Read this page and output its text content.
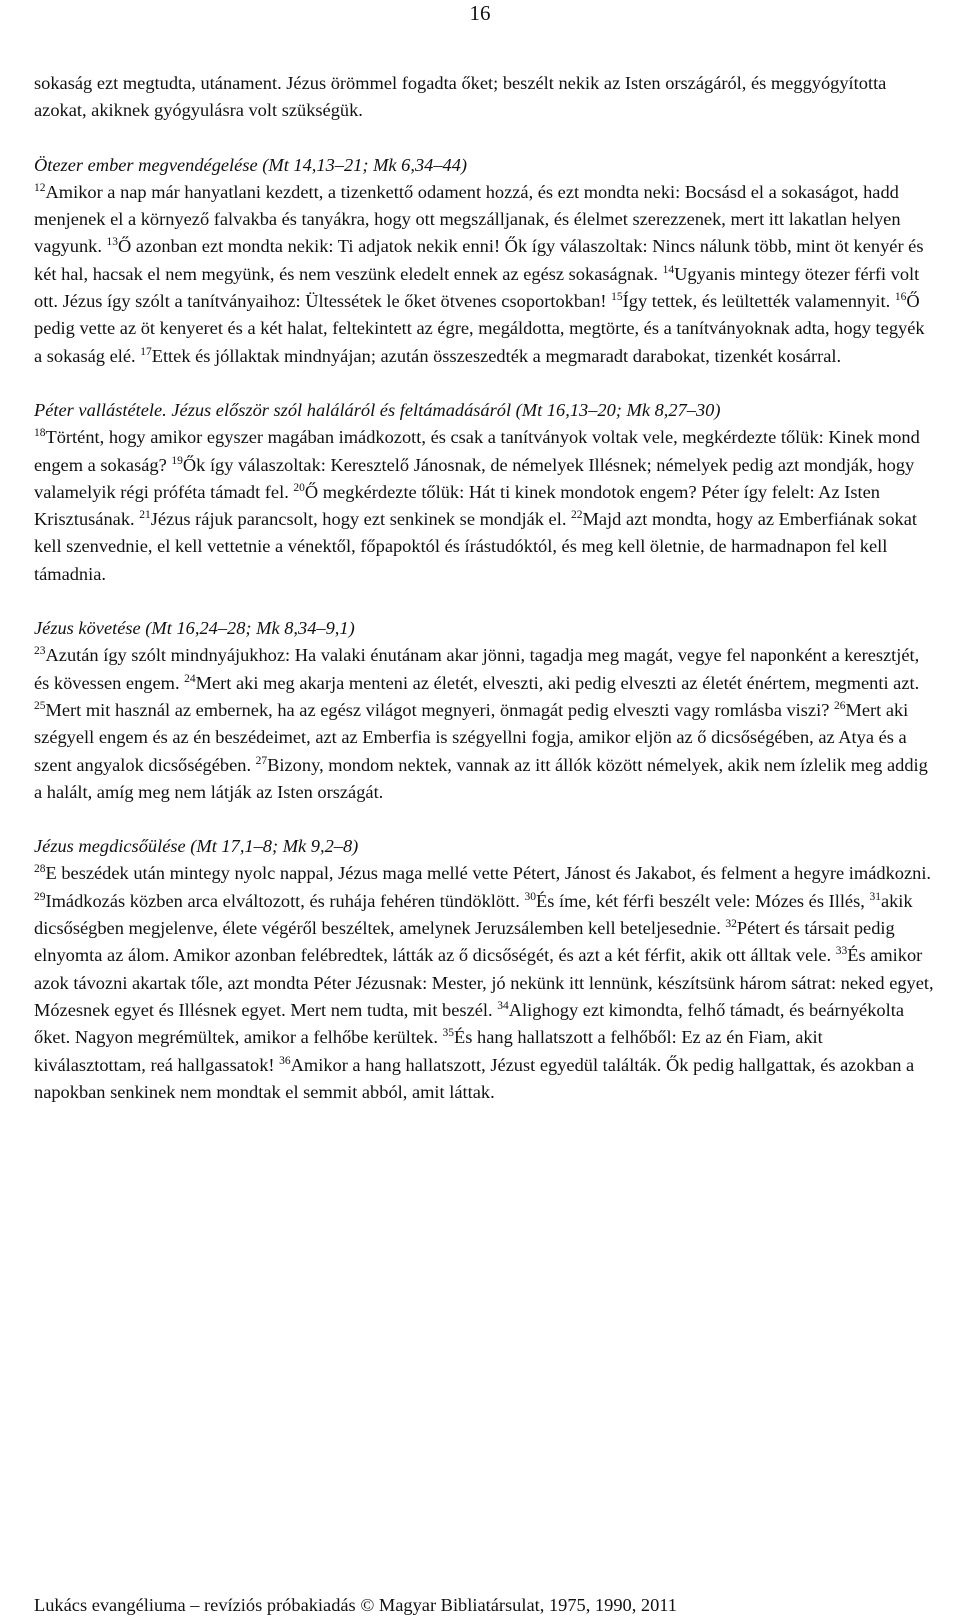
16

sokaság ezt megtudta, utánament. Jézus örömmel fogadta őket; beszélt nekik az Isten országáról, és meggyógyította azokat, akiknek gyógyulásra volt szükségük.

Ötezer ember megvendégelése (Mt 14,13–21; Mk 6,34–44)

$^{12}$Amikor a nap már hanyatlani kezdett, a tizenkettő odament hozzá, és ezt mondta neki: Bocsásd el a sokaságot, hadd menjenek el a környező falvakba és tanyákra, hogy ott megszálljanak, és élelmet szerezzenek, mert itt lakatlan helyen vagyunk. $^{13}$Ő azonban ezt mondta nekik: Ti adjatok nekik enni! Ők így válaszoltak: Nincs nálunk több, mint öt kenyér és két hal, hacsak el nem megyünk, és nem veszünk eledelt ennek az egész sokaságnak. $^{14}$Ugyanis mintegy ötezer férfi volt ott. Jézus így szólt a tanítványaihoz: Ültessétek le őket ötvenes csoportokban! $^{15}$Így tettek, és leültették valamennyit. $^{16}$Ő pedig vette az öt kenyeret és a két halat, feltekintett az égre, megáldotta, megtörte, és a tanítványoknak adta, hogy tegyék a sokaság elé. $^{17}$Ettek és jóllaktak mindnyájan; azután összeszedték a megmaradt darabokat, tizenkét kosárral.

Péter vallástétele. Jézus először szól haláláról és feltámadásáról (Mt 16,13–20; Mk 8,27–30)

$^{18}$Történt, hogy amikor egyszer magában imádkozott, és csak a tanítványok voltak vele, megkérdezte tőlük: Kinek mond engem a sokaság? $^{19}$Ők így válaszoltak: Keresztelő Jánosnak, de némelyek Illésnek; némelyek pedig azt mondják, hogy valamelyik régi próféta támadt fel. $^{20}$Ő megkérdezte tőlük: Hát ti kinek mondotok engem? Péter így felelt: Az Isten Krisztusának. $^{21}$Jézus rájuk parancsolt, hogy ezt senkinek se mondják el. $^{22}$Majd azt mondta, hogy az Emberfiának sokat kell szenvednie, el kell vettetnie a vénektől, főpapoktól és írástudóktól, és meg kell öletnie, de harmadnapon fel kell támadnia.

Jézus követése (Mt 16,24–28; Mk 8,34–9,1)

$^{23}$Azután így szólt mindnyájukhoz: Ha valaki énutánam akar jönni, tagadja meg magát, vegye fel naponként a keresztjét, és kövessen engem. $^{24}$Mert aki meg akarja menteni az életét, elveszti, aki pedig elveszti az életét énértem, megmenti azt. $^{25}$Mert mit használ az embernek, ha az egész világot megnyeri, önmagát pedig elveszti vagy romlásba viszi? $^{26}$Mert aki szégyell engem és az én beszédeimet, azt az Emberfia is szégyellni fogja, amikor eljön az ő dicsőségében, az Atya és a szent angyalok dicsőségében. $^{27}$Bizony, mondom nektek, vannak az itt állók között némelyek, akik nem ízlelik meg addig a halált, amíg meg nem látják az Isten országát.

Jézus megdicsőülése (Mt 17,1–8; Mk 9,2–8)

$^{28}$E beszédek után mintegy nyolc nappal, Jézus maga mellé vette Pétert, Jánost és Jakabot, és felment a hegyre imádkozni. $^{29}$Imádkozás közben arca elváltozott, és ruhája fehéren tündöklött. $^{30}$És íme, két férfi beszélt vele: Mózes és Illés, $^{31}$akik dicsőségben megjelenve, élete végéről beszéltek, amelynek Jeruzsálemben kell beteljesednie. $^{32}$Pétert és társait pedig elnyomta az álom. Amikor azonban felébredtek, látták az ő dicsőségét, és azt a két férfit, akik ott álltak vele. $^{33}$És amikor azok távozni akartak tőle, azt mondta Péter Jézusnak: Mester, jó nekünk itt lennünk, készítsünk három sátrat: neked egyet, Mózesnek egyet és Illésnek egyet. Mert nem tudta, mit beszél. $^{34}$Alighogy ezt kimondta, felhő támadt, és beárnyékolta őket. Nagyon megrémültek, amikor a felhőbe kerültek. $^{35}$És hang hallatszott a felhőből: Ez az én Fiam, akit kiválasztottam, reá hallgassatok! $^{36}$Amikor a hang hallatszott, Jézust egyedül találták. Ők pedig hallgattak, és azokban a napokban senkinek nem mondtak el semmit abból, amit láttak.

Lukács evangéliuma – revíziós próbakiadás © Magyar Bibliatársulat, 1975, 1990, 2011
